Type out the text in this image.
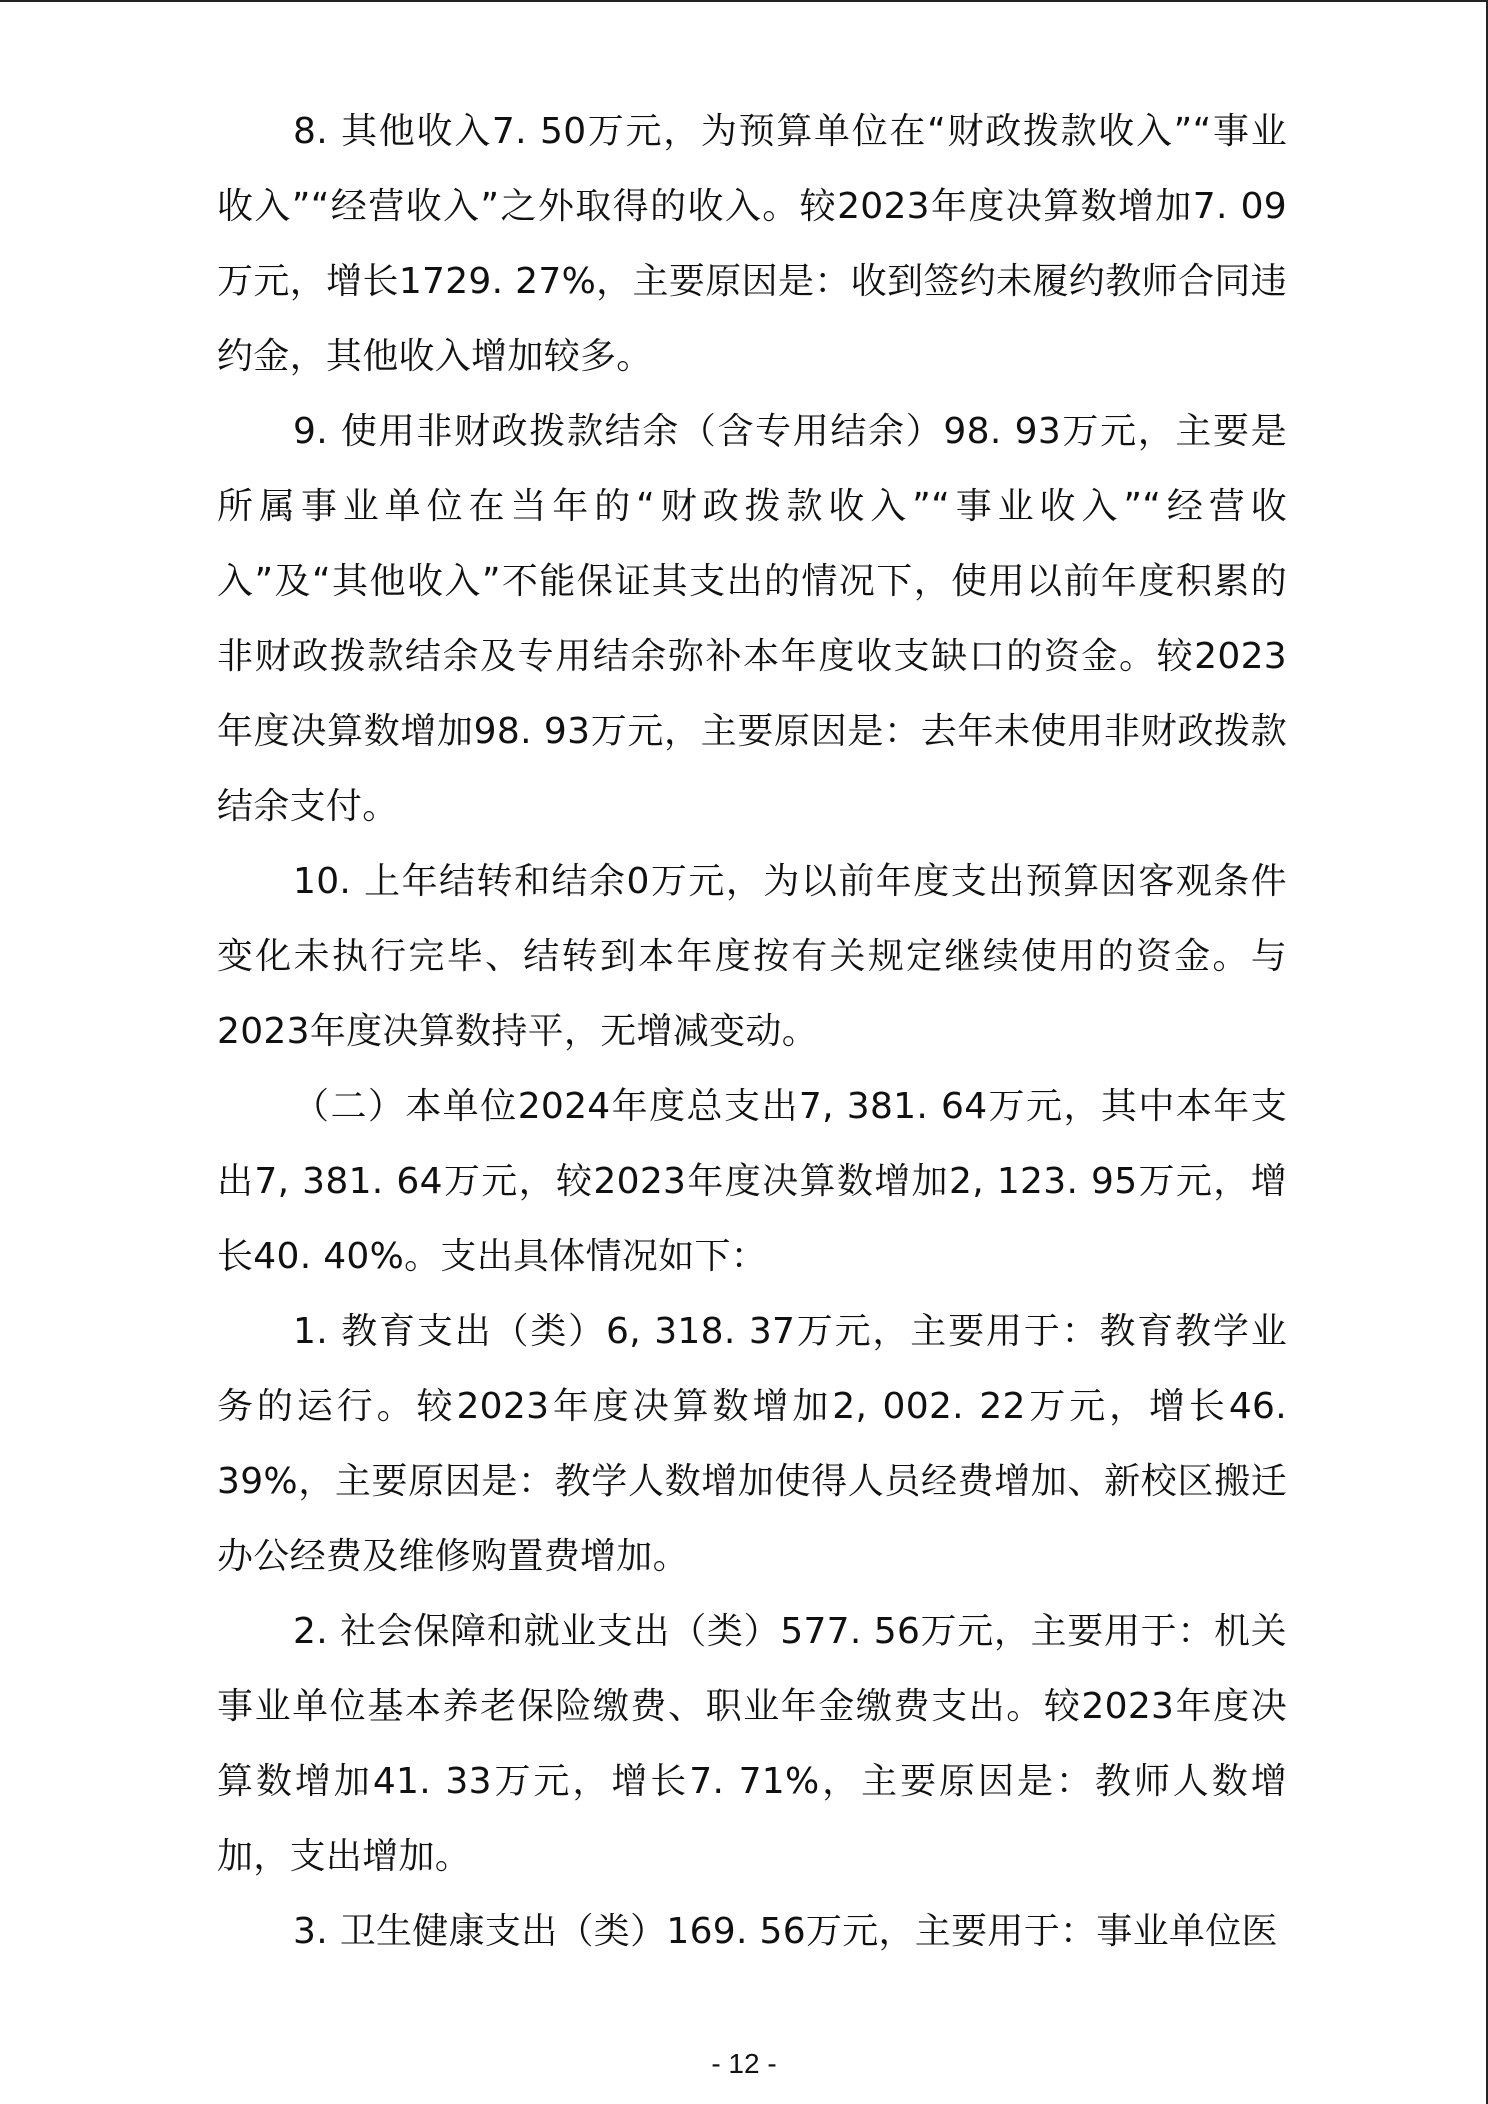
8. 其他收入7. 50万元，为预算单位在“财政拨款收入”“事业收入”“经营收入”之外取得的收入。较2023年度决算数增加7. 09万元，增长1729. 27%，主要原因是：收到签约未履约教师合同违约金，其他收入增加较多。

9. 使用非财政拨款结余（含专用结余）98. 93万元，主要是所属事业单位在当年的“财政拨款收入”“事业收入”“经营收入”及“其他收入”不能保证其支出的情况下，使用以前年度积累的非财政拨款结余及专用结余弥补本年度收支缺口的资金。较2023年度决算数增加98. 93万元，主要原因是：去年未使用非财政拨款结余支付。

10. 上年结转和结余0万元，为以前年度支出预算因客观条件变化未执行完毕、结转到本年度按有关规定继续使用的资金。与2023年度决算数持平，无增减变动。

（二）本单位2024年度总支出7, 381. 64万元，其中本年支出7, 381. 64万元，较2023年度决算数增加2, 123. 95万元，增长40. 40%。支出具体情况如下：

1. 教育支出（类）6, 318. 37万元，主要用于：教育教学业务的运行。较2023年度决算数增加2, 002. 22万元，增长46. 39%，主要原因是：教学人数增加使得人员经费增加、新校区搬迁办公经费及维修购置费增加。

2. 社会保障和就业支出（类）577. 56万元，主要用于：机关事业单位基本养老保险缴费、职业年金缴费支出。较2023年度决算数增加41. 33万元，增长7. 71%，主要原因是：教师人数增加，支出增加。

3. 卫生健康支出（类）169. 56万元，主要用于：事业单位医

- 12 -
